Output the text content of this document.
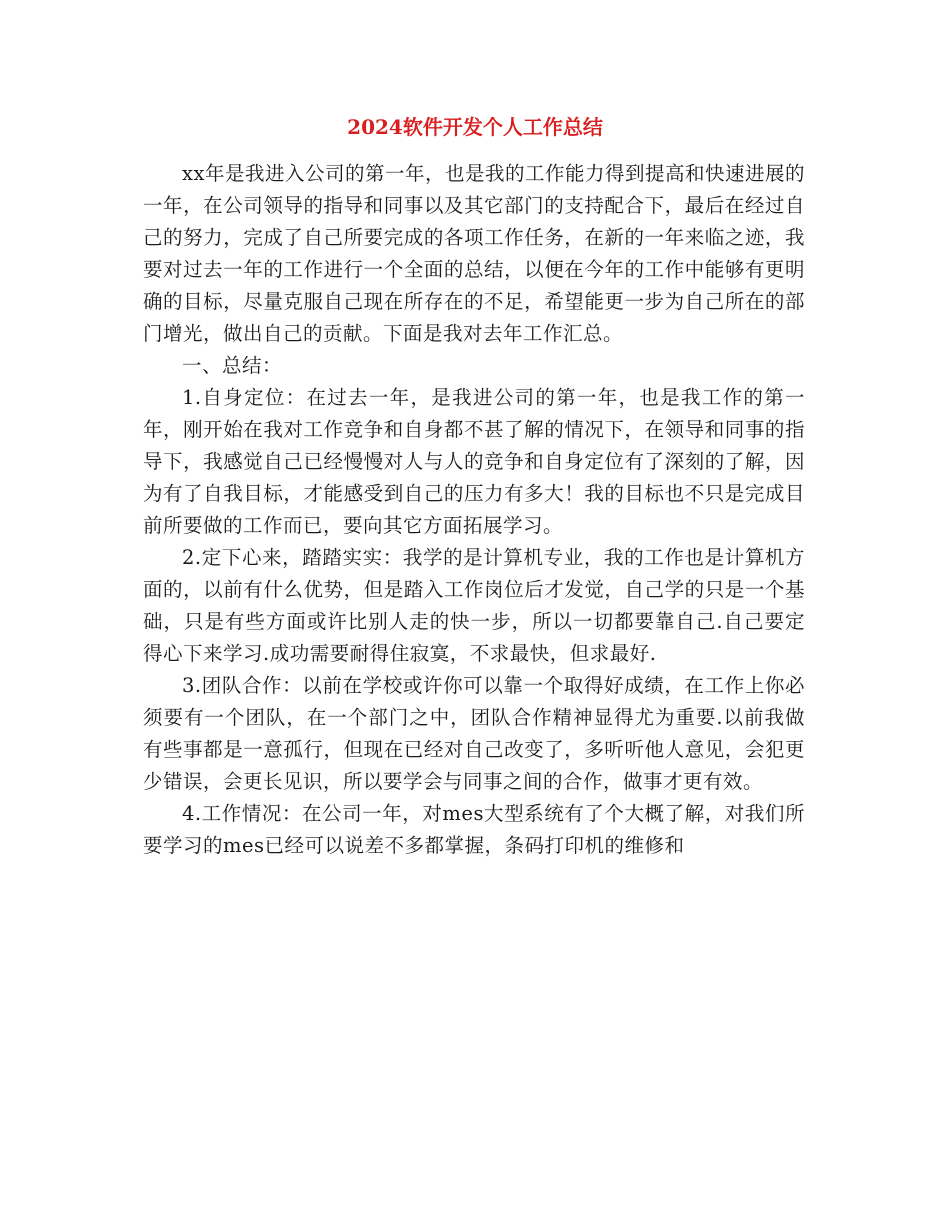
2024软件开发个人工作总结

xx年是我进入公司的第一年，也是我的工作能力得到提高和快速进展的一年，在公司领导的指导和同事以及其它部门的支持配合下，最后在经过自己的努力，完成了自己所要完成的各项工作任务，在新的一年来临之迹，我要对过去一年的工作进行一个全面的总结，以便在今年的工作中能够有更明确的目标，尽量克服自己现在所存在的不足，希望能更一步为自己所在的部门增光，做出自己的贡献。下面是我对去年工作汇总。

一、总结：

1.自身定位：在过去一年，是我进公司的第一年，也是我工作的第一年，刚开始在我对工作竞争和自身都不甚了解的情况下，在领导和同事的指导下，我感觉自己已经慢慢对人与人的竞争和自身定位有了深刻的了解，因为有了自我目标，才能感受到自己的压力有多大！我的目标也不只是完成目前所要做的工作而已，要向其它方面拓展学习。

2.定下心来，踏踏实实：我学的是计算机专业，我的工作也是计算机方面的，以前有什么优势，但是踏入工作岗位后才发觉，自己学的只是一个基础，只是有些方面或许比别人走的快一步，所以一切都要靠自己.自己要定得心下来学习.成功需要耐得住寂寞，不求最快，但求最好.

3.团队合作：以前在学校或许你可以靠一个取得好成绩，在工作上你必须要有一个团队，在一个部门之中，团队合作精神显得尤为重要.以前我做有些事都是一意孤行，但现在已经对自己改变了，多听听他人意见，会犯更少错误，会更长见识，所以要学会与同事之间的合作，做事才更有效。

4.工作情况：在公司一年，对mes大型系统有了个大概了解，对我们所要学习的mes已经可以说差不多都掌握，条码打印机的维修和
